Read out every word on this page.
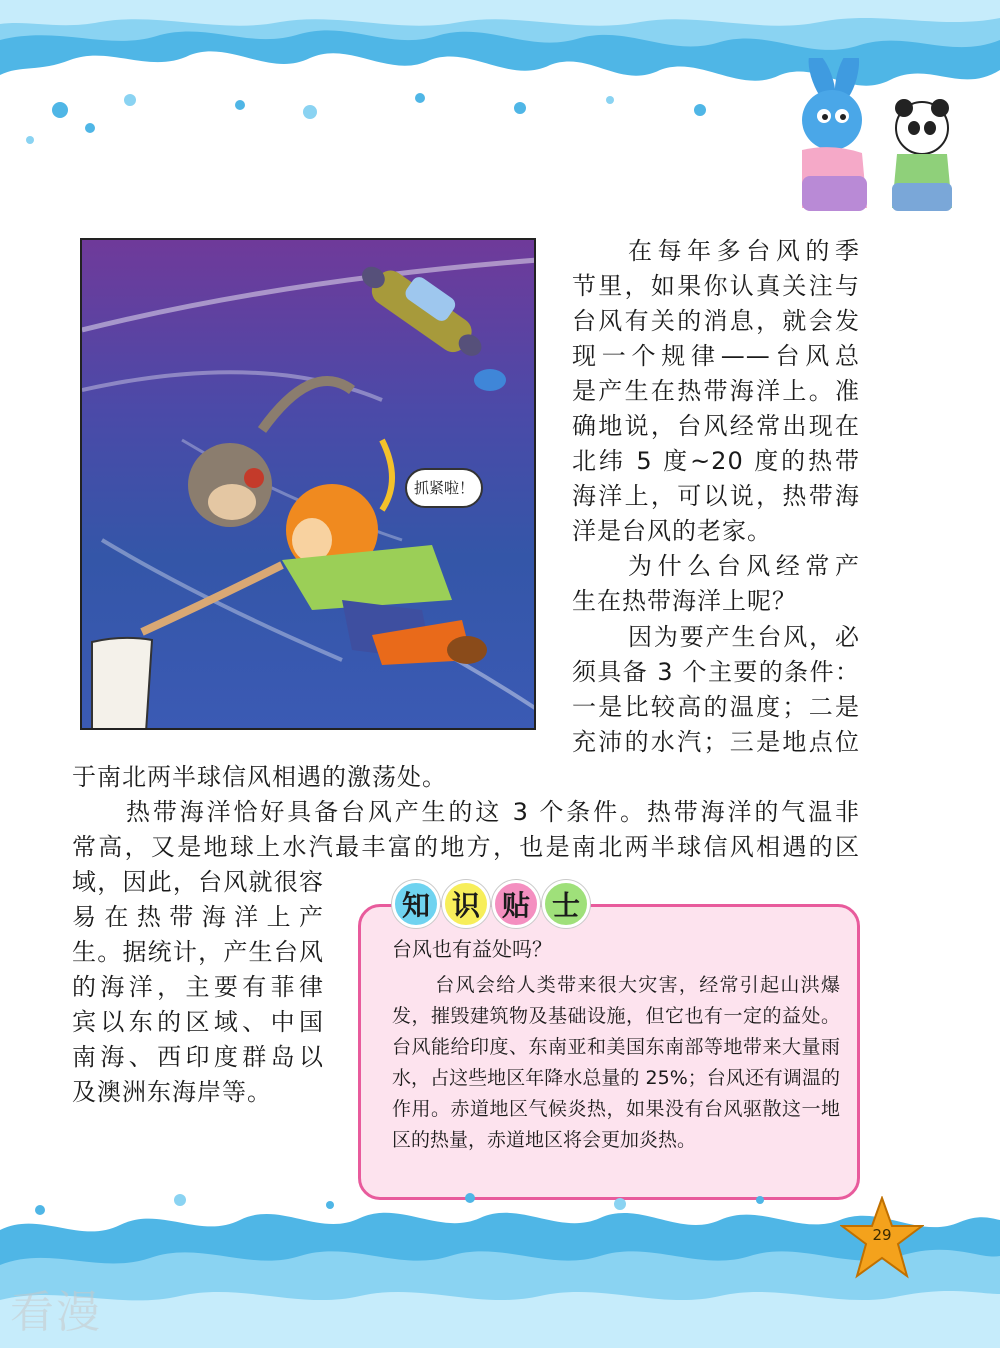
抓紧啦！

在每年多台风的季

节里，如果你认真关注与

台风有关的消息，就会发

现一个规律——台风总

是产生在热带海洋上。准

确地说，台风经常出现在

北纬 5 度~20 度的热带

海洋上，可以说，热带海

洋是台风的老家。

为什么台风经常产

生在热带海洋上呢？

因为要产生台风，必

须具备 3 个主要的条件：

一是比较高的温度；二是

充沛的水汽；三是地点位

于南北两半球信风相遇的激荡处。

热带海洋恰好具备台风产生的这 3 个条件。热带海洋的气温非

常高，又是地球上水汽最丰富的地方，也是南北两半球信风相遇的区

域，因此，台风就很容

易在热带海洋上产

生。据统计，产生台风

的海洋，主要有菲律

宾以东的区域、中国

南海、西印度群岛以

及澳洲东海岸等。

知 识 贴 士
台风也有益处吗？

台风会给人类带来很大灾害，经常引起山洪爆发，摧毁建筑物及基础设施，但它也有一定的益处。台风能给印度、东南亚和美国东南部等地带来大量雨水，占这些地区年降水总量的 25%；台风还有调温的作用。赤道地区气候炎热，如果没有台风驱散这一地区的热量，赤道地区将会更加炎热。

29
看漫
